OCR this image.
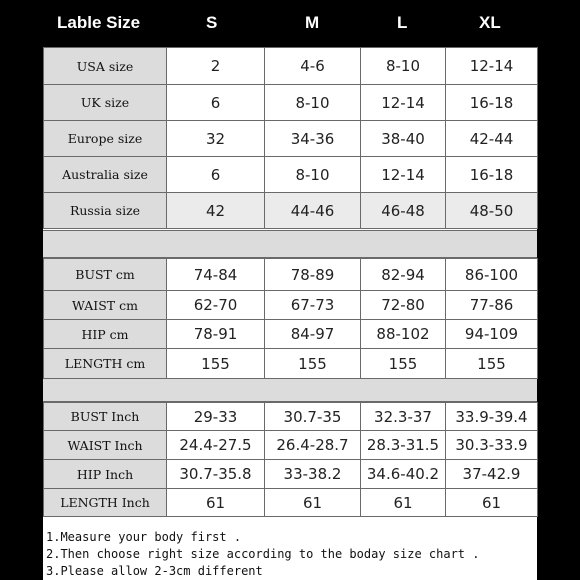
Lable Size	S	M	L	XL
USA size	2	4-6	8-10	12-14
UK size	6	8-10	12-14	16-18
Europe size	32	34-36	38-40	42-44
Australia size	6	8-10	12-14	16-18
Russia size	42	44-46	46-48	48-50
BUST cm	74-84	78-89	82-94	86-100
WAIST cm	62-70	67-73	72-80	77-86
HIP cm	78-91	84-97	88-102	94-109
LENGTH cm	155	155	155	155
BUST Inch	29-33	30.7-35	32.3-37	33.9-39.4
WAIST Inch	24.4-27.5	26.4-28.7	28.3-31.5	30.3-33.9
HIP Inch	30.7-35.8	33-38.2	34.6-40.2	37-42.9
LENGTH Inch	61	61	61	61
1.Measure your body first .
2.Then choose right size according to the boday size chart .
3.Please allow 2-3cm different
